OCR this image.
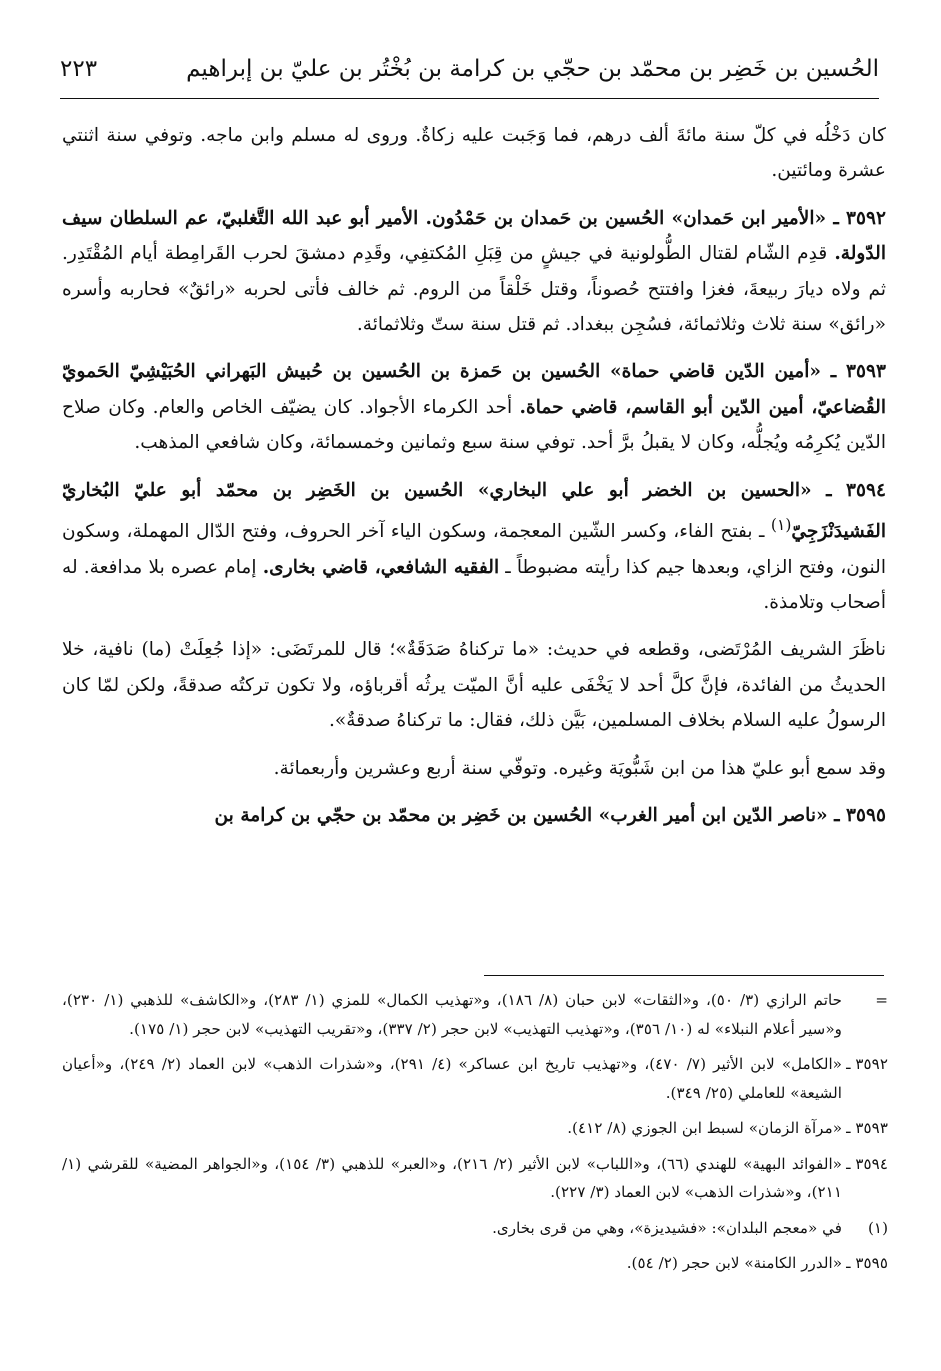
الحُسين بن خَضِر بن محمّد بن حجّي بن كرامة بن بُخْتُر بن عليّ بن إبراهيم
٢٢٣

كان دَخْلُه في كلّ سنة مائةَ ألف درهم، فما وَجَبت عليه زكاةٌ. وروى له مسلم وابن ماجه. وتوفي سنة اثنتي عشرة ومائتين.

٣٥٩٢ ـ «الأمير ابن حَمدان» الحُسين بن حَمدان بن حَمْدُون. الأمير أبو عبد الله التَّغلبيّ، عم السلطان سيف الدّولة. قدِم الشّام لقتال الطُّولونية في جيشٍ من قِبَلِ المُكتفِي، وقَدِم دمشقَ لحرب القَرامِطة أيام المُقْتَدِر. ثم ولاه ديارَ ربيعةَ، فغزا وافتتح حُصوناً، وقتل خَلْقاً من الروم. ثم خالف فأتى لحربه «رائقٌ» فحاربه وأسره «رائق» سنة ثلاث وثلاثمائة، فسُجِن ببغداد. ثم قتل سنة ستّ وثلاثمائة.

٣٥٩٣ ـ «أمين الدّين قاضي حماة» الحُسين بن حَمزة بن الحُسين بن حُبيش البَهراني الحُبَيْشِيّ الحَمويّ القُضاعيّ، أمين الدّين أبو القاسم، قاضي حماة. أحد الكرماء الأجواد. كان يضيّف الخاص والعام. وكان صلاح الدّين يُكرِمُه ويُجلُّه، وكان لا يقبلُ برَّ أحد. توفي سنة سبع وثمانين وخمسمائة، وكان شافعي المذهب.

٣٥٩٤ ـ «الحسين بن الخضر أبو علي البخاري» الحُسين بن الخَضِر بن محمّد أبو عليّ البُخاريّ الفَشيدَنْزَجِيّ$^{(١)}$ ـ بفتح الفاء، وكسر الشّين المعجمة، وسكون الياء آخر الحروف، وفتح الدّال المهملة، وسكون النون، وفتح الزاي، وبعدها جيم كذا رأيته مضبوطاً ـ الفقيه الشافعي، قاضي بخارى. إمام عصره بلا مدافعة. له أصحاب وتلامذة.

ناظَرَ الشريف المُرْتَضى، وقطعه في حديث: «ما تركناهُ صَدَقَةٌ»؛ قال للمرتَضَى: «إذا جُعِلَتْ (ما) نافية، خلا الحديثُ من الفائدة، فإنَّ كلَّ أحد لا يَخْفَى عليه أنَّ الميّت يرثُه أقرباؤه، ولا تكون تركتُه صدقةً، ولكن لمّا كان الرسولُ عليه السلام بخلاف المسلمين، بَيَّن ذلك، فقال: ما تركناهُ صدقةٌ».

وقد سمع أبو عليّ هذا من ابن شَبُّويَة وغيره. وتوفّي سنة أربع وعشرين وأربعمائة.

٣٥٩٥ ـ «ناصر الدّين ابن أمير الغرب» الحُسين بن خَضِر بن محمّد بن حجّي بن كرامة بن

=
حاتم الرازي (٣/ ٥٠)، و«الثقات» لابن حبان (٨/ ١٨٦)، و«تهذيب الكمال» للمزي (١/ ٢٨٣)، و«الكاشف» للذهبي (١/ ٢٣٠)، و«سير أعلام النبلاء» له (١٠/ ٣٥٦)، و«تهذيب التهذيب» لابن حجر (٢/ ٣٣٧)، و«تقريب التهذيب» لابن حجر (١/ ١٧٥).
٣٥٩٢ ـ
«الكامل» لابن الأثير (٧/ ٤٧٠)، و«تهذيب تاريخ ابن عساكر» (٤/ ٢٩١)، و«شذرات الذهب» لابن العماد (٢/ ٢٤٩)، و«أعيان الشيعة» للعاملي (٢٥/ ٣٤٩).
٣٥٩٣ ـ
«مرآة الزمان» لسبط ابن الجوزي (٨/ ٤١٢).
٣٥٩٤ ـ
«الفوائد البهية» للهندي (٦٦)، و«اللباب» لابن الأثير (٢/ ٢١٦)، و«العبر» للذهبي (٣/ ١٥٤)، و«الجواهر المضية» للقرشي (١/ ٢١١)، و«شذرات الذهب» لابن العماد (٣/ ٢٢٧).
(١)
في «معجم البلدان»: «فشيديزة»، وهي من قرى بخارى.
٣٥٩٥ ـ
«الدرر الكامنة» لابن حجر (٢/ ٥٤).
